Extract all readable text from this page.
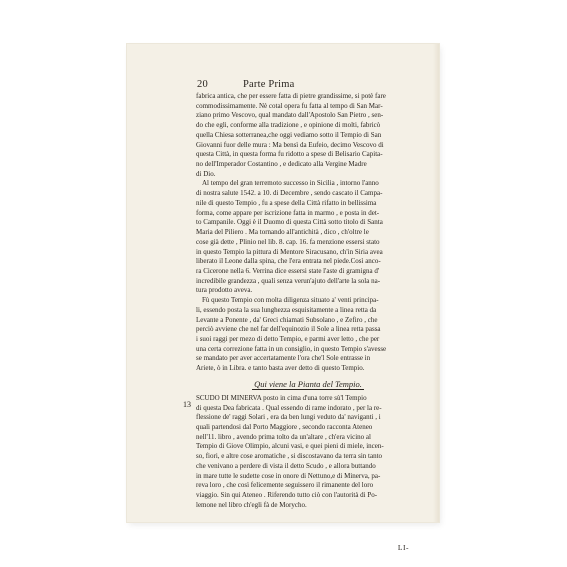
20	Parte Prima
fabrica antica, che per essere fatta di pietre grandissime, si potè fare
commodissimamente. Nè cotal opera fu fatta al tempo di San Mar-
ziano primo Vescovo, qual mandato dall'Apostolo San Pietro , sen-
do che egli, conforme alla tradizione , e opinione di molti, fabricò
quella Chiesa sotterranea,che oggi vediamo sotto il Tempio di San
Giovanni fuor delle mura : Ma bensì da Eufeio, decimo Vescovo di
questa Città, in questa forma fu ridotto a spese di Belisario Capita-
no dell'Imperador Costantino , e dedicato alla Vergine Madre
di Dio.
Al tempo del gran terremoto successo in Sicilia , intorno l'anno
di nostra salute 1542. a 10. di Decembre , sendo cascato il Campa-
nile di questo Tempio , fu a spese della Città rifatto in bellissima
forma, come appare per iscrizione fatta in marmo , e posta in det-
to Campanile. Oggi è il Duomo di questa Città sotto titolo di Santa
Maria del Piliero . Ma tornando all'antichità , dico , ch'oltre le
cose già dette , Plinio nel lib. 8. cap. 16. fa menzione essersi stato
in questo Tempio la pittura di Mentore Siracusano, ch'in Siria avea
liberato il Leone dalla spina, che l'era entrata nel piede.Così anco-
ra Cicerone nella 6. Verrina dice essersi state l'aste di gramigna d'
incredibile grandezza , quali senza verun'ajuto dell'arte la sola na-
tura prodotto aveva.
Fù questo Tempio con molta diligenza situato a' venti principa-
li, essendo posta la sua lunghezza esquisitamente a linea retta da
Levante a Ponente , da' Greci chiamati Subsolano , e Zefiro , che
perciò avviene che nel far dell'equinozio il Sole a linea retta passa
i suoi raggi per mezo di detto Tempio, e parmi aver letto , che per
una certa correzione fatta in un consiglio, in questo Tempio s'avesse
se mandato per aver accertatamente l'ora che'l Sole entrasse in
Ariete, ò in Libra. e tanto basta aver detto di questo Tempio.
Qui viene la Pianta del Tempio.
SCUDO DI MINERVA posto in cima d'una torre sù'l Tempio
di questa Dea fabricata . Qual essendo di rame indorato , per la re-
flessione de' raggi Solari , era da ben lungi veduto da' naviganti , i
quali partendosi dal Porto Maggiore , secondo racconta Ateneo
nell'11. libro , avendo prima tolto da un'altare , ch'era vicino al
Tempio di Giove Olimpio, alcuni vasi, e quei pieni di miele, incen-
so, fiori, e altre cose aromatiche , si discostavano da terra sin tanto
che venivano a perdere di vista il detto Scudo , e allora buttando
in mare tutte le sudette cose in onore di Nettuno,e di Minerva, pa-
reva loro , che così felicemente seguissero il rimanente del loro
viaggio. Sin qui Ateneo . Riferendo tutto ciò con l'autorità di Po-
lemone nel libro ch'egli fà de Morycho.
13
LI-
